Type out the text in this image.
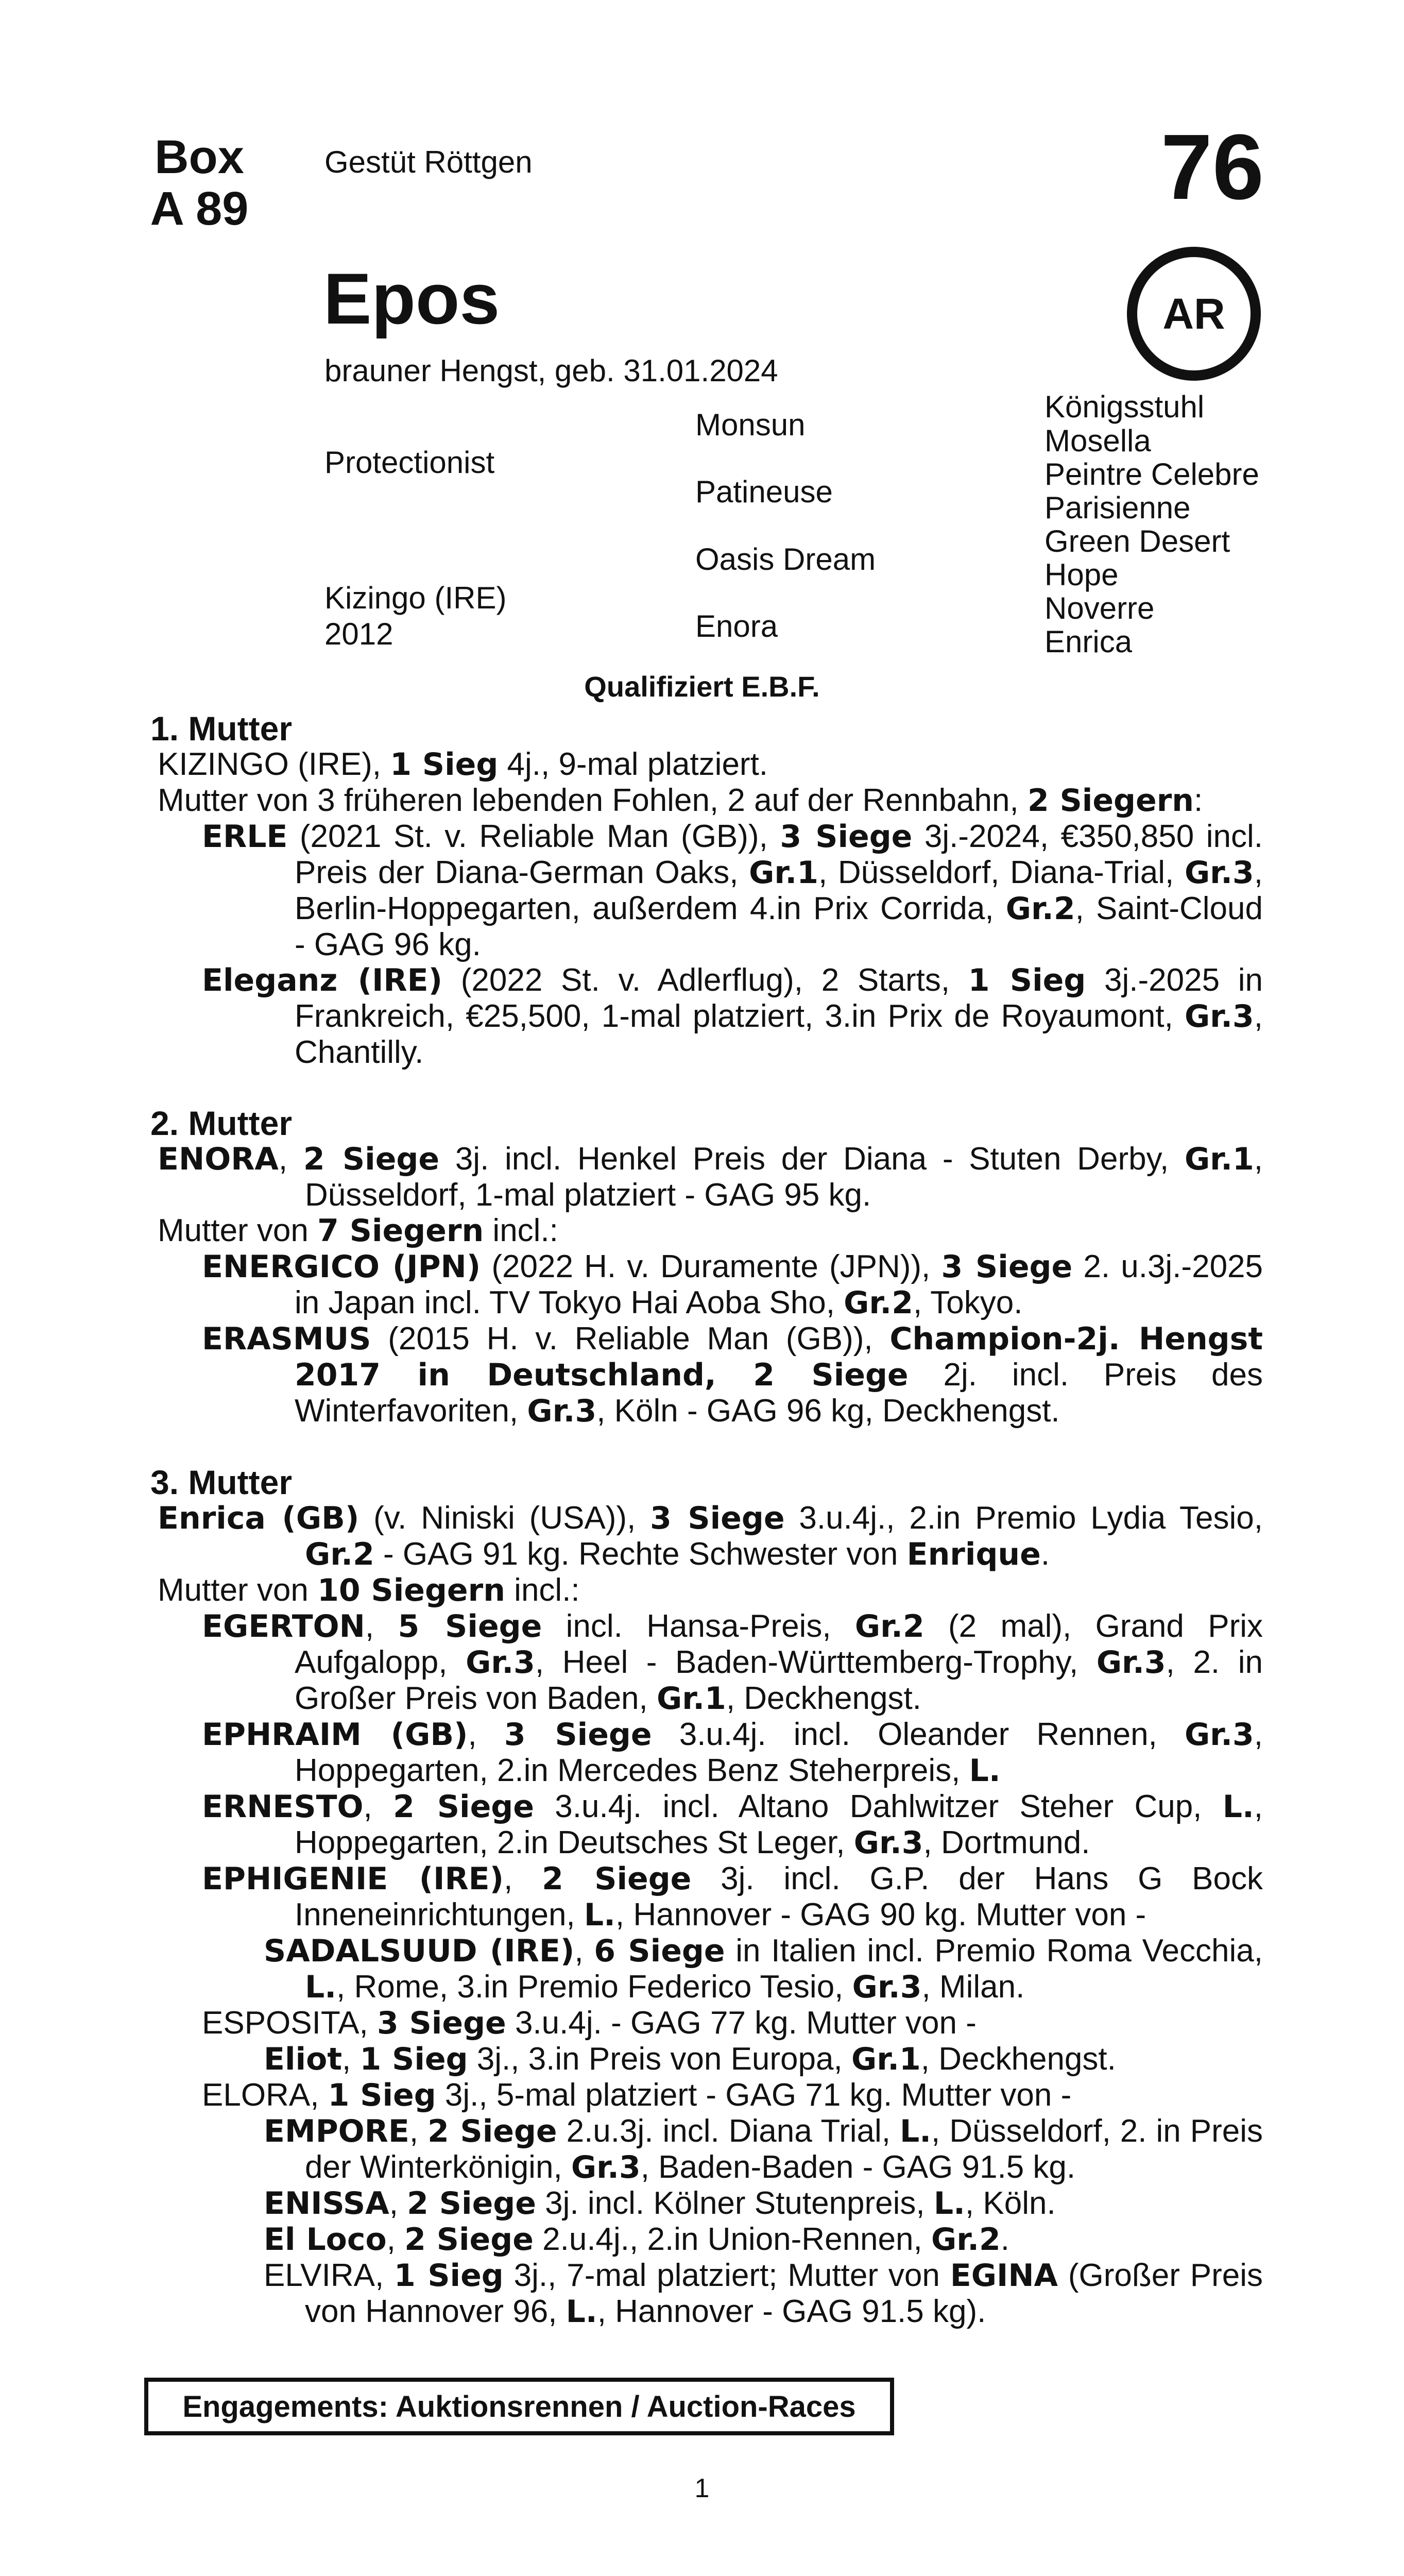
Box
A 89
Gestüt Röttgen	76
Epos	AR
brauner Hengst, geb. 31.01.2024
Protectionist
Kizingo (IRE)
2012
Monsun
Patineuse
Oasis Dream
Enora
Königsstuhl
Mosella
Peintre Celebre
Parisienne
Green Desert
Hope
Noverre
Enrica
Qualifiziert E.B.F.
1. Mutter

KIZINGO (IRE), 1 Sieg 4j., 9-mal platziert.

Mutter von 3 früheren lebenden Fohlen, 2 auf der Rennbahn, 2 Siegern:

ERLE (2021 St. v. Reliable Man (GB)), 3 Siege 3j.-2024, €350,850 incl. Preis der Diana-German Oaks, Gr.1, Düsseldorf, Diana-Trial, Gr.3, Berlin-Hoppegarten, außerdem 4.in Prix Corrida, Gr.2, Saint-Cloud - GAG 96 kg.

Eleganz (IRE) (2022 St. v. Adlerflug), 2 Starts, 1 Sieg 3j.-2025 in Frankreich, €25,500, 1-mal platziert, 3.in Prix de Royaumont, Gr.3, Chantilly.

2. Mutter

ENORA, 2 Siege 3j. incl. Henkel Preis der Diana - Stuten Derby, Gr.1, Düsseldorf, 1-mal platziert - GAG 95 kg.

Mutter von 7 Siegern incl.:

ENERGICO (JPN) (2022 H. v. Duramente (JPN)), 3 Siege 2. u.3j.-2025 in Japan incl. TV Tokyo Hai Aoba Sho, Gr.2, Tokyo.

ERASMUS (2015 H. v. Reliable Man (GB)), Champion-2j. Hengst 2017 in Deutschland, 2 Siege 2j. incl. Preis des Winterfavoriten, Gr.3, Köln - GAG 96 kg, Deckhengst.

3. Mutter

Enrica (GB) (v. Niniski (USA)), 3 Siege 3.u.4j., 2.in Premio Lydia Tesio, Gr.2 - GAG 91 kg. Rechte Schwester von Enrique.

Mutter von 10 Siegern incl.:

EGERTON, 5 Siege incl. Hansa-Preis, Gr.2 (2 mal), Grand Prix Aufgalopp, Gr.3, Heel - Baden-Württemberg-Trophy, Gr.3, 2. in Großer Preis von Baden, Gr.1, Deckhengst.

EPHRAIM (GB), 3 Siege 3.u.4j. incl. Oleander Rennen, Gr.3, Hoppegarten, 2.in Mercedes Benz Steherpreis, L.

ERNESTO, 2 Siege 3.u.4j. incl. Altano Dahlwitzer Steher Cup, L., Hoppegarten, 2.in Deutsches St Leger, Gr.3, Dortmund.

EPHIGENIE (IRE), 2 Siege 3j. incl. G.P. der Hans G Bock Inneneinrichtungen, L., Hannover - GAG 90 kg. Mutter von -

SADALSUUD (IRE), 6 Siege in Italien incl. Premio Roma Vecchia, L., Rome, 3.in Premio Federico Tesio, Gr.3, Milan.

ESPOSITA, 3 Siege 3.u.4j. - GAG 77 kg. Mutter von -

Eliot, 1 Sieg 3j., 3.in Preis von Europa, Gr.1, Deckhengst.

ELORA, 1 Sieg 3j., 5-mal platziert - GAG 71 kg. Mutter von -

EMPORE, 2 Siege 2.u.3j. incl. Diana Trial, L., Düsseldorf, 2. in Preis der Winterkönigin, Gr.3, Baden-Baden - GAG 91.5 kg.

ENISSA, 2 Siege 3j. incl. Kölner Stutenpreis, L., Köln.

El Loco, 2 Siege 2.u.4j., 2.in Union-Rennen, Gr.2.

ELVIRA, 1 Sieg 3j., 7-mal platziert; Mutter von EGINA (Großer Preis von Hannover 96, L., Hannover - GAG 91.5 kg).

Engagements: Auktionsrennen / Auction-Races
1
